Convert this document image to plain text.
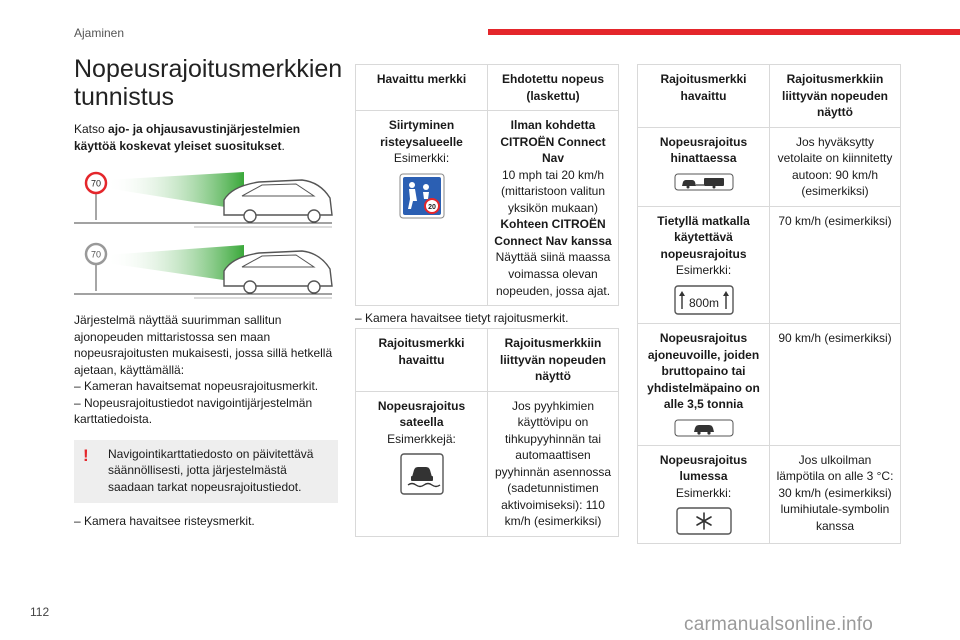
Ajaminen
Nopeusrajoitusmerkkien tunnistus

Katso ajo- ja ohjausavustinjärjestelmien käyttöä koskevat yleiset suositukset.

70
70

Järjestelmä näyttää suurimman sallitun ajonopeuden mittaristossa sen maan nopeusrajoitusten mukaisesti, jossa sillä hetkellä ajetaan, käyttämällä:

– Kameran havaitsemat nopeusrajoitusmerkit.

– Nopeusrajoitustiedot navigointijärjestelmän karttatiedoista.

!	Navigointikarttatiedosto on päivitettävä säännöllisesti, jotta järjestelmästä saadaan tarkat nopeusrajoitustiedot.

– Kamera havaitsee risteysmerkit.

Havaittu merkki	Ehdotettu nopeus (laskettu)

Siirtyminen risteysalueelle
Esimerkki:
20	Ilman kohdetta CITROËN Connect Nav
10 mph tai 20 km/h (mittaristoon valitun yksikön mukaan)
Kohteen CITROËN Connect Nav kanssa
Näyttää siinä maassa voimassa olevan nopeuden, jossa ajat.

– Kamera havaitsee tietyt rajoitusmerkit.

Rajoitusmerkki havaittu	Rajoitusmerkkiin liittyvän nopeuden näyttö

Nopeusrajoitus sateella
Esimerkkejä:	Jos pyyhkimien käyttövipu on tihkupyyhinnän tai automaattisen pyyhinnän asennossa (sadetunnistimen aktivoimiseksi): 110 km/h (esimerkiksi)
Rajoitusmerkki havaittu	Rajoitusmerkkiin liittyvän nopeuden näyttö

Nopeusrajoitus hinattaessa	Jos hyväksytty vetolaite on kiinnitetty autoon: 90 km/h (esimerkiksi)

Tietyllä matkalla käytettävä nopeusrajoitus
Esimerkki:
800m	70 km/h (esimerkiksi)

Nopeusrajoitus ajoneuvoille, joiden bruttopaino tai yhdistelmäpaino on alle 3,5 tonnia	90 km/h (esimerkiksi)

Nopeusrajoitus lumessa
Esimerkki:	Jos ulkoilman lämpötila on alle 3 °C: 30 km/h (esimerkiksi) lumihiutale-symbolin kanssa
112
carmanualsonline.info
